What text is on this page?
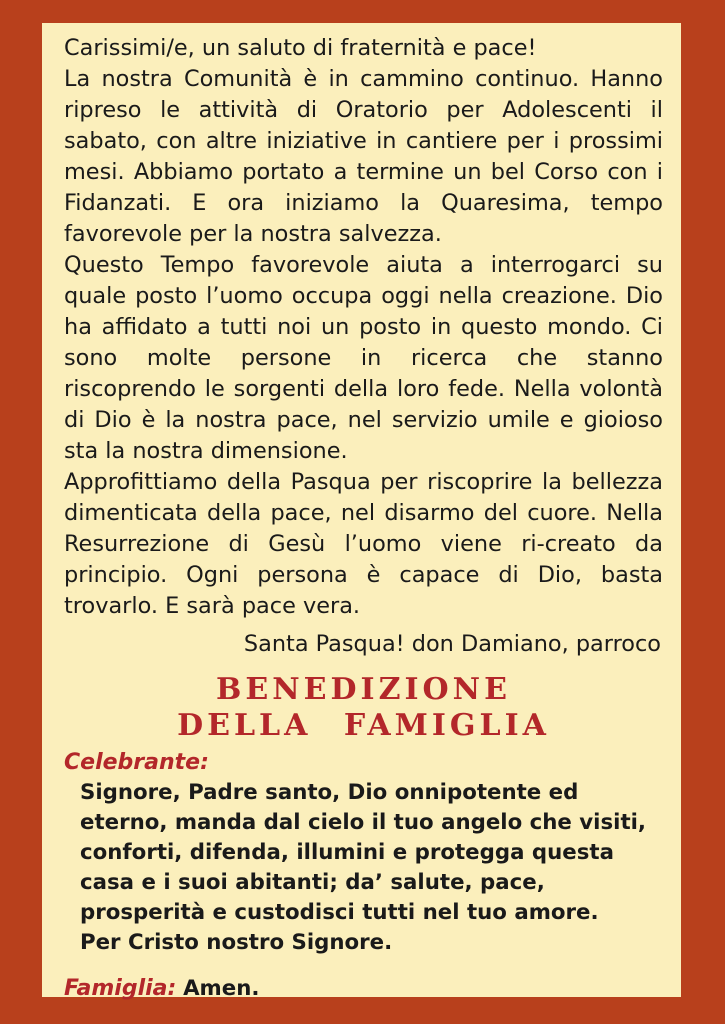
Carissimi/e, un saluto di fraternità e pace!

La nostra Comunità è in cammino continuo. Hanno ripreso le attività di Oratorio per Adolescenti il sabato, con altre iniziative in cantiere per i prossimi mesi. Abbiamo portato a termine un bel Corso con i Fidanzati. E ora iniziamo la Quaresima, tempo favorevole per la nostra salvezza.

Questo Tempo favorevole aiuta a interrogarci su quale posto l’uomo occupa oggi nella creazione. Dio ha affidato a tutti noi un posto in questo mondo. Ci sono molte persone in ricerca che stanno riscoprendo le sorgenti della loro fede. Nella volontà di Dio è la nostra pace, nel servizio umile e gioioso sta la nostra dimensione.

Approfittiamo della Pasqua per riscoprire la bellezza dimenticata della pace, nel disarmo del cuore. Nella Resurrezione di Gesù l’uomo viene ri-creato da principio. Ogni persona è capace di Dio, basta trovarlo. E sarà pace vera.

Santa Pasqua! don Damiano, parroco
BENEDIZIONE
DELLA FAMIGLIA
Celebrante:

Signore, Padre santo, Dio onnipotente ed eterno, manda dal cielo il tuo angelo che visiti, conforti, difenda, illumini e protegga questa casa e i suoi abitanti; da’ salute, pace, prosperità e custodisci tutti nel tuo amore.

Per Cristo nostro Signore.

Famiglia: Amen.
